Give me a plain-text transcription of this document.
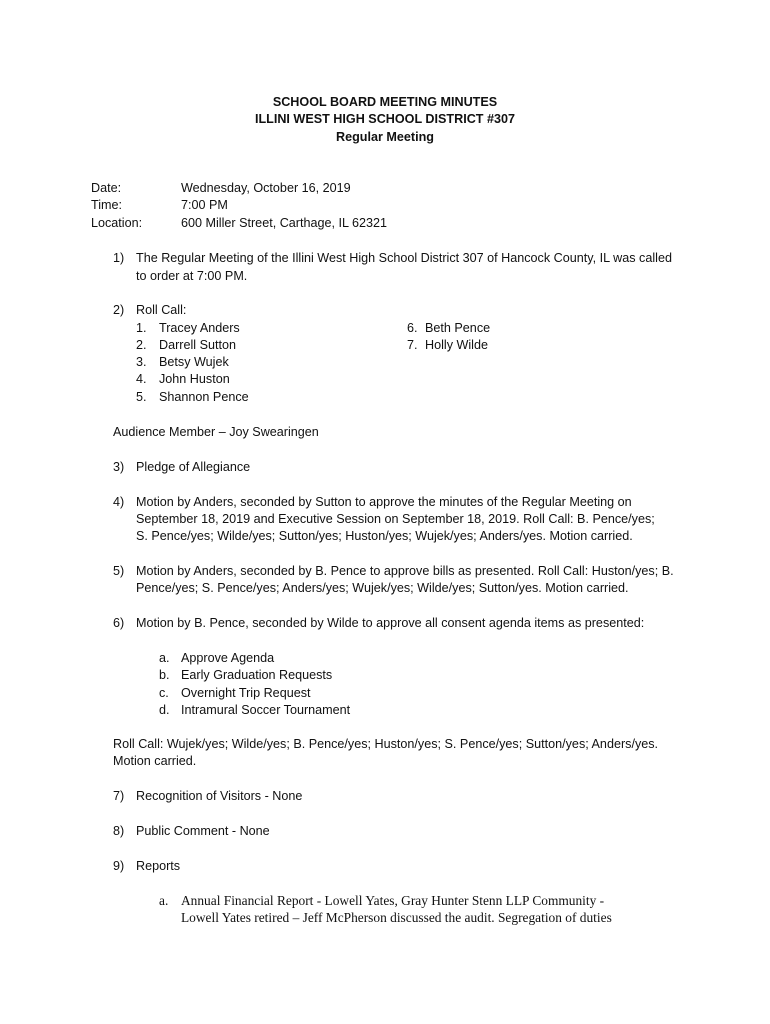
SCHOOL BOARD MEETING MINUTES
ILLINI WEST HIGH SCHOOL DISTRICT #307
Regular Meeting
Date:	Wednesday, October 16, 2019
Time:	7:00 PM
Location:	600 Miller Street, Carthage, IL 62321
1) The Regular Meeting of the Illini West High School District 307 of Hancock County, IL was called
to order at 7:00 PM.
2) Roll Call:
1. Tracey Anders
2. Darrell Sutton
3. Betsy Wujek
4. John Huston
5. Shannon Pence
6. Beth Pence
7. Holly Wilde
Audience Member – Joy Swearingen
3) Pledge of Allegiance
4) Motion by Anders, seconded by Sutton to approve the minutes of the Regular Meeting on
September 18, 2019 and Executive Session on September 18, 2019. Roll Call: B. Pence/yes;
S. Pence/yes; Wilde/yes; Sutton/yes; Huston/yes; Wujek/yes; Anders/yes. Motion carried.
5) Motion by Anders, seconded by B. Pence to approve bills as presented. Roll Call: Huston/yes; B.
Pence/yes; S. Pence/yes; Anders/yes; Wujek/yes; Wilde/yes; Sutton/yes. Motion carried.
6) Motion by B. Pence, seconded by Wilde to approve all consent agenda items as presented:
a. Approve Agenda
b. Early Graduation Requests
c. Overnight Trip Request
d. Intramural Soccer Tournament
Roll Call: Wujek/yes; Wilde/yes; B. Pence/yes; Huston/yes; S. Pence/yes; Sutton/yes; Anders/yes.
Motion carried.
7) Recognition of Visitors - None
8) Public Comment - None
9) Reports
a. Annual Financial Report - Lowell Yates, Gray Hunter Stenn LLP Community -
Lowell Yates retired – Jeff McPherson discussed the audit. Segregation of duties
